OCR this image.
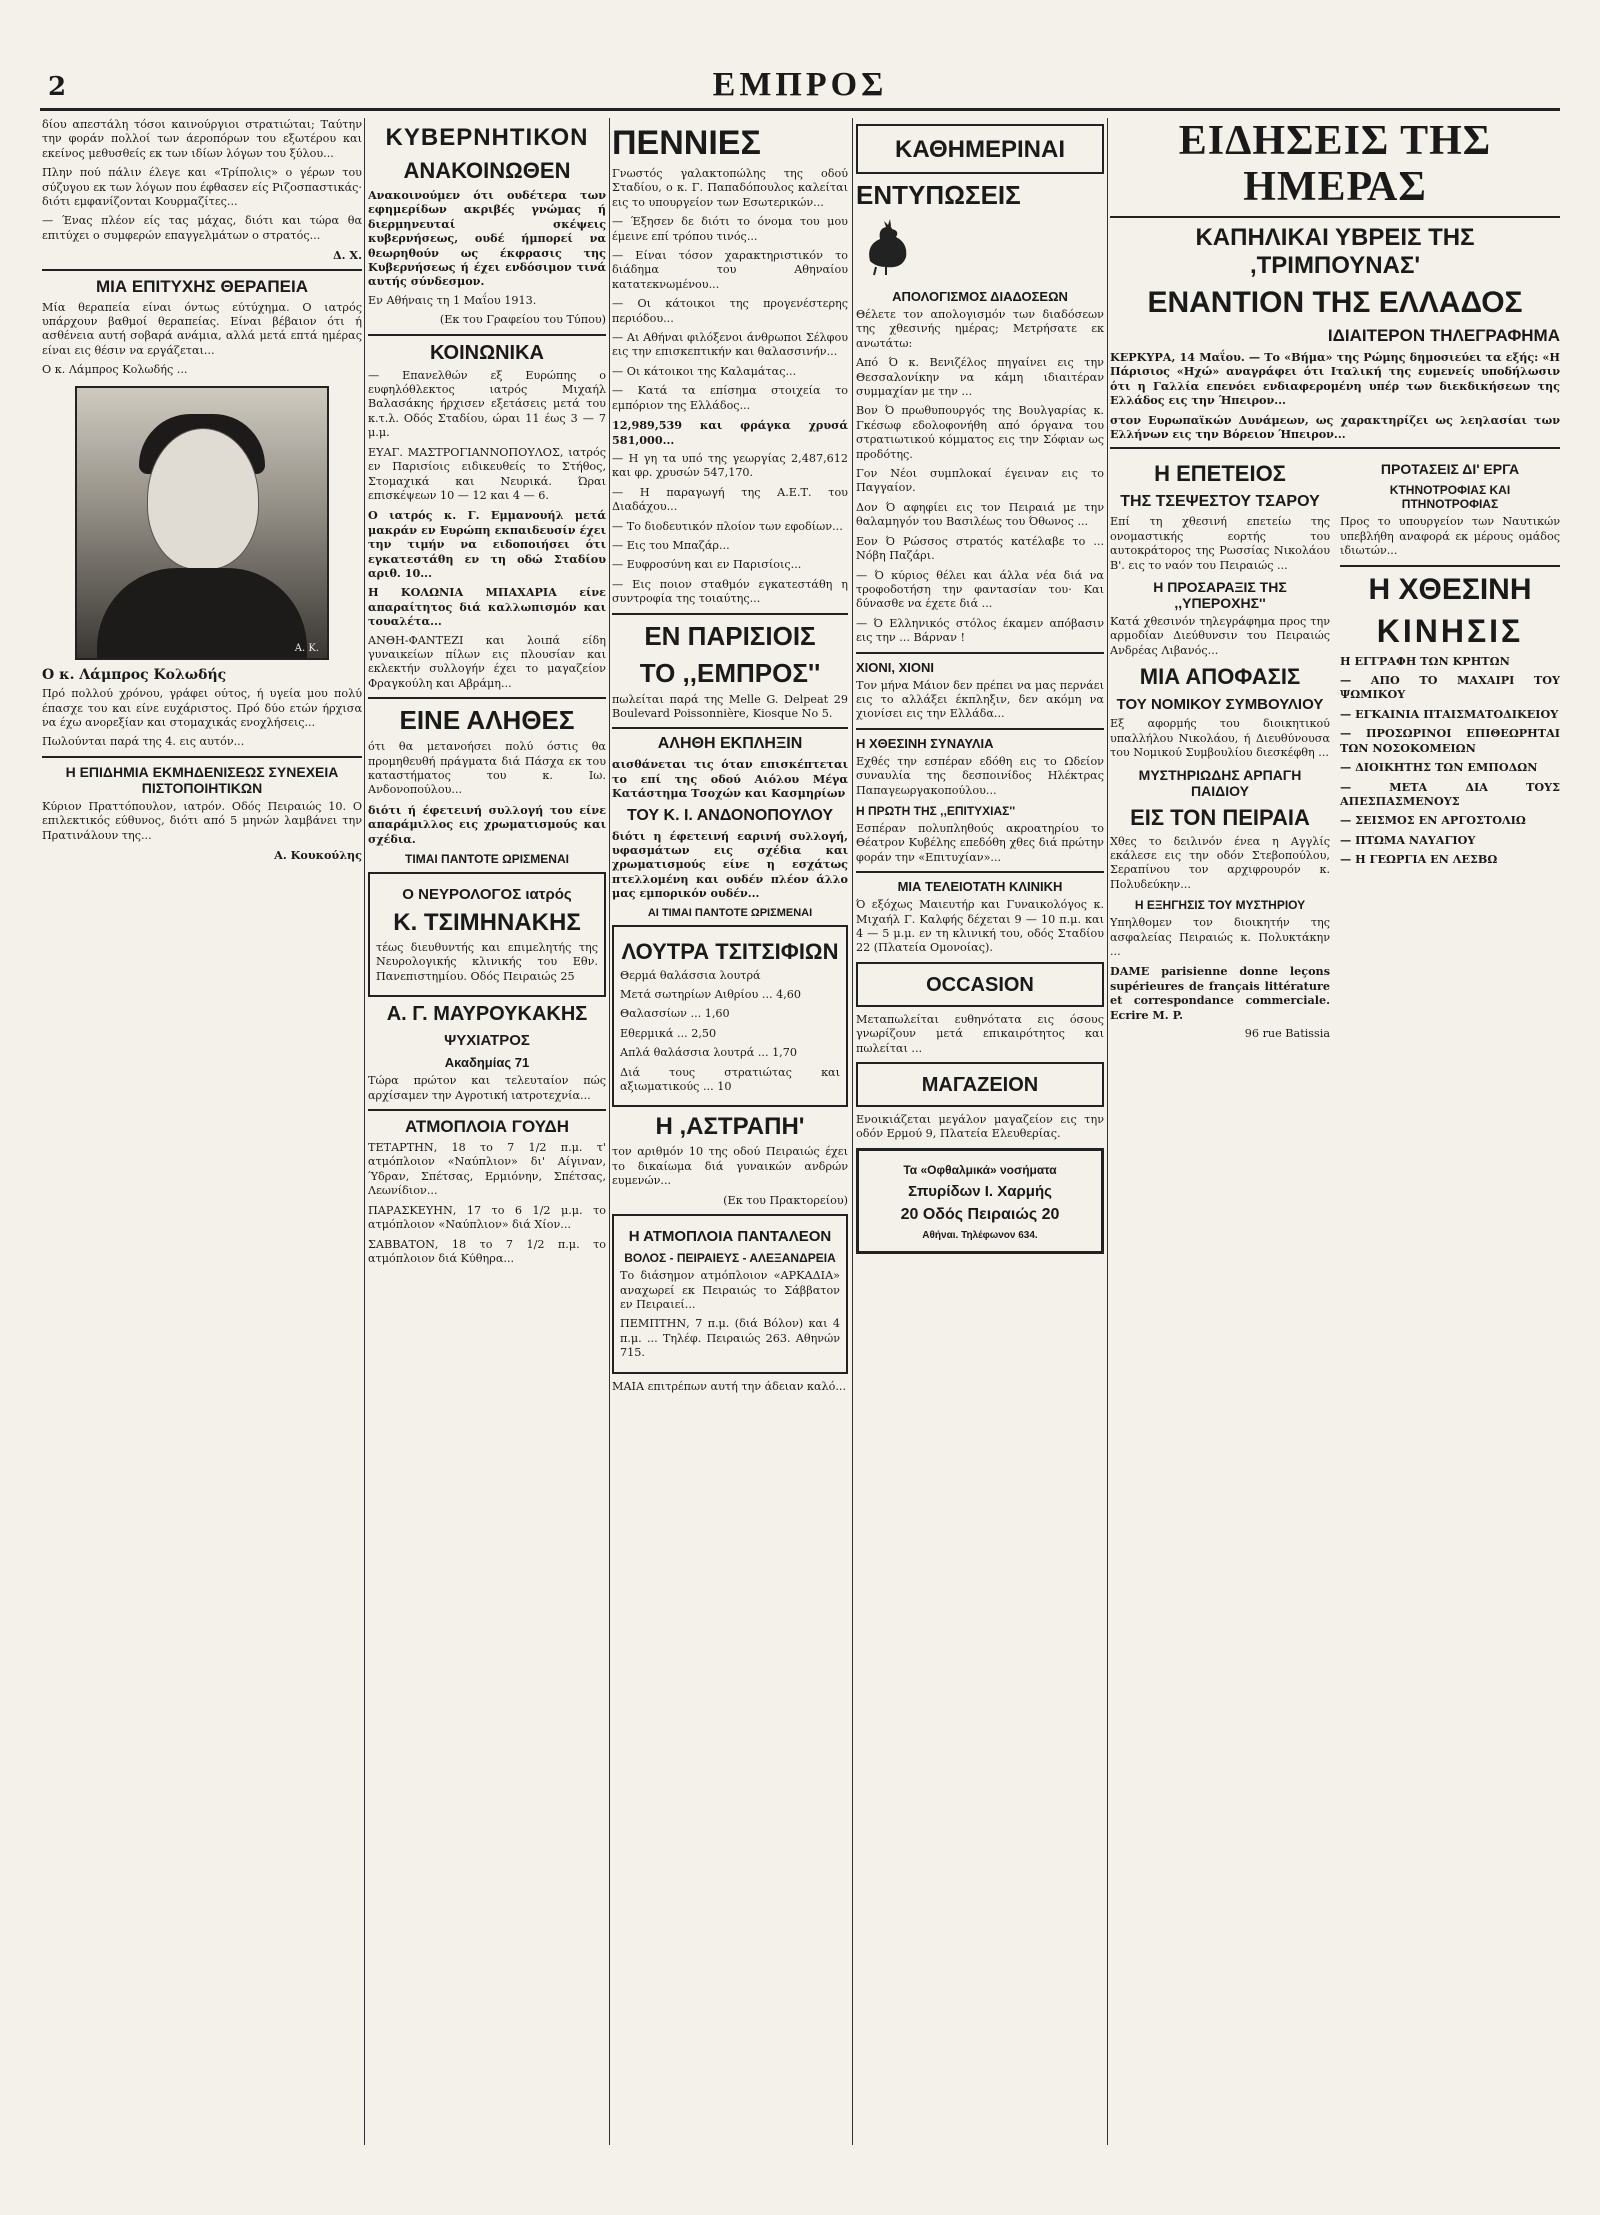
2	ΕΜΠΡΟΣ

δίου απεστάλη τόσοι καινούργιοι στρατιώται; Ταύτην την φοράν πολλοί των άεροπόρων του εξωτέρου και εκείνος μεθυσθείς εκ των ιδίων λόγων του ξύλου...

Πλην πού πάλιν έλεγε και «Τρίπολις» ο γέρων του σύζυγου εκ των λόγων που έφθασεν είς Ριζοσπαστικάς· διότι εμφανίζονται Κουρμαζίτες...

— Ένας πλέον είς τας μάχας, διότι και τώρα θα επιτύχει ο συμφερών επαγγελμάτων ο στρατός...

Δ. Χ.

ΜΙΑ ΕΠΙΤΥΧΗΣ ΘΕΡΑΠΕΙΑ

Μία θεραπεία είναι όντως εύτύχημα. Ο ιατρός υπάρχουν βαθμοί θεραπείας. Είναι βέβαιον ότι ή ασθένεια αυτή σοβαρά ανάμια, αλλά μετά επτά ημέρας είναι εις θέσιν να εργάζεται...

Ο κ. Λάμπρος Κολωδής ...

Α. Κ.

Ο κ. Λάμπρος Κολωδής

Πρό πολλού χρόνου, γράφει ούτος, ή υγεία μου πολύ έπασχε του και είνε ευχάριστος. Πρό δύο ετών ήρχισα να έχω ανορεξίαν και στομαχικάς ενοχλήσεις...

Πωλούνται παρά της 4. εις αυτόν...

Η ΕΠΙΔΗΜΙΑ ΕΚΜΗΔΕΝΙΣΕΩΣ ΣΥΝΕΧΕΙΑ ΠΙΣΤΟΠΟΙΗΤΙΚΩΝ

Κύριον Πραττόπουλον, ιατρόν. Οδός Πειραιώς 10. Ο επιλεκτικός εύθυνος, διότι από 5 μηνών λαμβάνει την Πρατινάλουν της...

Α. Κουκούλης

ΚΥΒΕΡΝΗΤΙΚΟΝ
ΑΝΑΚΟΙΝΩΘΕΝ

Ανακοινούμεν ότι ουδέτερα των εφημερίδων ακριβές γνώμας ή διερμηνευταί σκέψεις κυβερνήσεως, ουδέ ήμπορεί να θεωρηθούν ως έκφρασις της Κυβερνήσεως ή έχει ενδόσιμον τινά αυτής σύνδεσμον.

Εν Αθήναις τη 1 Μαΐου 1913.

(Εκ του Γραφείου του Τύπου)

ΚΟΙΝΩΝΙΚΑ

— Επανελθών εξ Ευρώπης ο ευφηλόθλεκτος ιατρός Μιχαήλ Βαλασάκης ήρχισεν εξετάσεις μετά του κ.τ.λ. Οδός Σταδίου, ώραι 11 έως 3 — 7 μ.μ.

ΕΥΑΓ. ΜΑΣΤΡΟΓΙΑΝΝΟΠΟΥΛΟΣ, ιατρός εν Παρισίοις ειδικευθείς το Στήθος, Στομαχικά και Νευρικά. Ώραι επισκέψεων 10 — 12 και 4 — 6.

Ο ιατρός κ. Γ. Εμμανουήλ μετά μακράν εν Ευρώπη εκπαιδευσίν έχει την τιμήν να ειδοποιήσει ότι εγκατεστάθη εν τη οδώ Σταδίου αριθ. 10...

Η ΚΟΛΩΝΙΑ ΜΠΑΧΑΡΙΑ είνε απαραίτητος διά καλλωπισμόν και τουαλέτα...

ΑΝΘΗ-ΦΑΝΤΕΖΙ και λοιπά είδη γυναικείων πίλων εις πλουσίαν και εκλεκτήν συλλογήν έχει το μαγαζείον Φραγκούλη και Αβράμη...

ΕΙΝΕ ΑΛΗΘΕΣ

ότι θα μετανοήσει πολύ όστις θα προμηθευθή πράγματα διά Πάσχα εκ του καταστήματος του κ. Ιω. Ανδονοπούλου...

διότι ή έφετεινή συλλογή του είνε απαράμιλλος εις χρωματισμούς και σχέδια.

ΤΙΜΑΙ ΠΑΝΤΟΤΕ ΩΡΙΣΜΕΝΑΙ
Ο ΝΕΥΡΟΛΟΓΟΣ ιατρός
Κ. ΤΣΙΜΗΝΑΚΗΣ

τέως διευθυντής και επιμελητής της Νευρολογικής κλινικής του Εθν. Πανεπιστημίου. Οδός Πειραιώς 25

Α. Γ. ΜΑΥΡΟΥΚΑΚΗΣ
ΨΥΧΙΑΤΡΟΣ
Ακαδημίας 71

Τώρα πρώτον και τελευταίον πώς αρχίσαμεν την Αγροτική ιατροτεχνία...

ΑΤΜΟΠΛΟΙΑ ΓΟΥΔΗ

ΤΕΤΑΡΤΗΝ, 18 το 7 1/2 π.μ. τ' ατμόπλοιον «Ναύπλιον» δι' Αίγιναν, Ύδραν, Σπέτσας, Ερμιόνην, Σπέτσας, Λεωνίδιον...

ΠΑΡΑΣΚΕΥΗΝ, 17 το 6 1/2 μ.μ. το ατμόπλοιον «Ναύπλιον» διά Χίον...

ΣΑΒΒΑΤΟΝ, 18 το 7 1/2 π.μ. το ατμόπλοιον διά Κύθηρα...

ΠΕΝΝΙΕΣ

Γνωστός γαλακτοπώλης της οδού Σταδίου, ο κ. Γ. Παπαδόπουλος καλείται εις το υπουργείον των Εσωτερικών...

— Έξησεν δε διότι το όνομα του μου έμεινε επί τρόπου τινός...

— Είναι τόσον χαρακτηριστικόν το διάδημα του Αθηναίου κατατεκνωμένου...

— Οι κάτοικοι της προγενέστερης περιόδου...

— Αι Αθήναι φιλόξενοι άνθρωποι Σέλφου εις την επισκεπτικήν και θαλασσινήν...

— Οι κάτοικοι της Καλαμάτας...

— Κατά τα επίσημα στοιχεία το εμπόριον της Ελλάδος...

12,989,539 και φράγκα χρυσά 581,000...

— Η γη τα υπό της γεωργίας 2,487,612 και φρ. χρυσών 547,170.

— Η παραγωγή της Α.Ε.Τ. του Διαδάχου...

— Το διοδευτικόν πλοίον των εφοδίων...

— Εις του Μπαζάρ...

— Ευφροσύνη και εν Παρισίοις...

— Εις ποιον σταθμόν εγκατεστάθη η συντροφία της τοιαύτης...

ΕΝ ΠΑΡΙΣΙΟΙΣ
ΤΟ ,,ΕΜΠΡΟΣ''

πωλείται παρά της Melle G. Delpeat 29 Boulevard Poissonnière, Kiosque No 5.

ΑΛΗΘΗ ΕΚΠΛΗΞΙΝ

αισθάνεται τις όταν επισκέπτεται το επί της οδού Αιόλου Μέγα Κατάστημα Τσοχών και Κασμηρίων

ΤΟΥ Κ. Ι. ΑΝΔΟΝΟΠΟΥΛΟΥ

διότι η έφετεινή εαρινή συλλογή, υφασμάτων εις σχέδια και χρωματισμούς είνε η εσχάτως πτελλομένη και ουδέν πλέον άλλο μας εμπορικόν ουδέν...

ΑΙ ΤΙΜΑΙ ΠΑΝΤΟΤΕ ΩΡΙΣΜΕΝΑΙ
ΛΟΥΤΡΑ ΤΣΙΤΣΙΦΙΩΝ

Θερμά θαλάσσια λουτρά

Μετά σωτηρίων Αιθρίου ... 4,60

Θαλασσίων ... 1,60

Εθερμικά ... 2,50

Απλά θαλάσσια λουτρά ... 1,70

Διά τους στρατιώτας και αξιωματικούς ... 10

Η ,ΑΣΤΡΑΠΗ'

τον αριθμόν 10 της οδού Πειραιώς έχει το δικαίωμα διά γυναικών ανδρών ευμενών...

(Εκ του Πρακτορείου)

Η ΑΤΜΟΠΛΟΙΑ ΠΑΝΤΑΛΕΟΝ
ΒΟΛΟΣ - ΠΕΙΡΑΙΕΥΣ - ΑΛΕΞΑΝΔΡΕΙΑ

Το διάσημον ατμόπλοιον «ΑΡΚΑΔΙΑ» αναχωρεί εκ Πειραιώς το Σάββατον εν Πειραιεί...

ΠΕΜΠΤΗΝ, 7 π.μ. (διά Βόλον) και 4 π.μ. ... Τηλέφ. Πειραιώς 263. Αθηνών 715.

ΜΑΙΑ επιτρέπων αυτή την άδειαν καλό...

ΚΑΘΗΜΕΡΙΝΑΙ
ΕΝΤΥΠΩΣΕΙΣ
ΑΠΟΛΟΓΙΣΜΟΣ ΔΙΑΔΟΣΕΩΝ

Θέλετε τον απολογισμόν των διαδόσεων της χθεσινής ημέρας; Μετρήσατε εκ ανωτάτω:

Από Ό κ. Βενιζέλος πηγαίνει εις την Θεσσαλονίκην να κάμη ιδιαιτέραν συμμαχίαν με την ...

Βον Ό πρωθυπουργός της Βουλγαρίας κ. Γκέσωφ εδολοφονήθη από όργανα του στρατιωτικού κόμματος εις την Σόφιαν ως προδότης.

Γον Νέοι συμπλοκαί έγειναν εις το Παγγαίον.

Δον Ό αφηφίει εις τον Πειραιά με την θαλαμηγόν του Βασιλέως του Όθωνος ...

Εον Ό Ρώσσος στρατός κατέλαβε το ... Νόβη Παζάρι.

— Ό κύριος θέλει και άλλα νέα διά να τροφοδοτήση την φαντασίαν του· Και δύνασθε να έχετε διά ...

— Ό Ελληνικός στόλος έκαμεν απόβασιν εις την ... Βάρναν !

ΧΙΟΝΙ, ΧΙΟΝΙ

Τον μήνα Μάιον δεν πρέπει να μας περνάει εις το αλλάξει έκπληξιν, δεν ακόμη να χιονίσει εις την Ελλάδα...

Η ΧΘΕΣΙΝΗ ΣΥΝΑΥΛΙΑ

Εχθές την εσπέραν εδόθη εις το Ωδείον συναυλία της δεσποινίδος Ηλέκτρας Παπαγεωργακοπούλου...

Η ΠΡΩΤΗ ΤΗΣ ,,ΕΠΙΤΥΧΙΑΣ''

Εσπέραν πολυπληθούς ακροατηρίου το Θέατρον Κυβέλης επεδόθη χθες διά πρώτην φοράν την «Επιτυχίαν»...

ΜΙΑ ΤΕΛΕΙΟΤΑΤΗ ΚΛΙΝΙΚΗ

Ό εξόχως Μαιευτήρ και Γυναικολόγος κ. Μιχαήλ Γ. Καλφής δέχεται 9 — 10 π.μ. και 4 — 5 μ.μ. εν τη κλινική του, οδός Σταδίου 22 (Πλατεία Ομονοίας).

OCCASION

Μεταπωλείται ευθηνότατα εις όσους γνωρίζουν μετά επικαιρότητος και πωλείται ...

ΜΑΓΑΖΕΙΟΝ

Ενοικιάζεται μεγάλον μαγαζείον εις την οδόν Ερμού 9, Πλατεία Ελευθερίας.

Τα «Οφθαλμικά» νοσήματα
Σπυρίδων Ι. Χαρμής
20 Οδός Πειραιώς 20
Αθήναι. Τηλέφωνον 634.
ΕΙΔΗΣΕΙΣ ΤΗΣ ΗΜΕΡΑΣ
ΚΑΠΗΛΙΚΑΙ ΥΒΡΕΙΣ ΤΗΣ ,ΤΡΙΜΠΟΥΝΑΣ'
ΕΝΑΝΤΙΟΝ ΤΗΣ ΕΛΛΑΔΟΣ
ΙΔΙΑΙΤΕΡΟΝ ΤΗΛΕΓΡΑΦΗΜΑ

ΚΕΡΚΥΡΑ, 14 Μαΐου. — Το «Βήμα» της Ρώμης δημοσιεύει τα εξής: «Η Πάρισιος «Ηχώ» αναγράφει ότι Ιταλική της ευμενείς υποδήλωσιν ότι η Γαλλία επενόει ενδιαφερομένη υπέρ των διεκδικήσεων της Ελλάδος εις την Ήπειρον...

στον Ευρωπαϊκών Δυνάμεων, ως χαρακτηρίζει ως λεηλασίαι των Ελλήνων εις την Βόρειον Ήπειρον...

Η ΕΠΕΤΕΙΟΣ
ΤΗΣ ΤΣΕΨΕΣΤΟΥ ΤΣΑΡΟΥ

Επί τη χθεσινή επετείω της ονομαστικής εορτής του αυτοκράτορος της Ρωσσίας Νικολάου Β'. εις το ναόν του Πειραιώς ...

Η ΠΡΟΣΑΡΑΞΙΣ ΤΗΣ ,,ΥΠΕΡΟΧΗΣ''

Κατά χθεσινόν τηλεγράφημα προς την αρμοδίαν Διεύθυνσιν του Πειραιώς Ανδρέας Λιβανός...

ΜΙΑ ΑΠΟΦΑΣΙΣ
ΤΟΥ ΝΟΜΙΚΟΥ ΣΥΜΒΟΥΛΙΟΥ

Εξ αφορμής του διοικητικού υπαλλήλου Νικολάου, ή Διευθύνουσα του Νομικού Συμβουλίου διεσκέφθη ...

ΜΥΣΤΗΡΙΩΔΗΣ ΑΡΠΑΓΗ ΠΑΙΔΙΟΥ
ΕΙΣ ΤΟΝ ΠΕΙΡΑΙΑ

Χθες το δειλινόν ένεα η Αγγλίς εκάλεσε εις την οδόν Στεβοπούλου, Σεραπίνου τον αρχιφρουρόν κ. Πολυδεύκην...

Η ΕΞΗΓΗΣΙΣ ΤΟΥ ΜΥΣΤΗΡΙΟΥ

Υπηλθομεν τον διοικητήν της ασφαλείας Πειραιώς κ. Πολυκτάκην ...

DAME parisienne donne leçons supérieures de français littérature et correspondance commerciale. Ecrire M. P.

96 rue Batissia

ΠΡΟΤΑΣΕΙΣ ΔΙ' ΕΡΓΑ
ΚΤΗΝΟΤΡΟΦΙΑΣ ΚΑΙ ΠΤΗΝΟΤΡΟΦΙΑΣ

Προς το υπουργείον των Ναυτικών υπεβλήθη αναφορά εκ μέρους ομάδος ιδιωτών...

Η ΧΘΕΣΙΝΗ
ΚΙΝΗΣΙΣ

Η ΕΓΓΡΑΦΗ ΤΩΝ ΚΡΗΤΩΝ

— ΑΠΟ ΤΟ ΜΑΧΑΙΡΙ ΤΟΥ ΨΩΜΙΚΟΥ

— ΕΓΚΑΙΝΙΑ ΠΤΑΙΣΜΑΤΟΔΙΚΕΙΟΥ

— ΠΡΟΣΩΡΙΝΟΙ ΕΠΙΘΕΩΡΗΤΑΙ ΤΩΝ ΝΟΣΟΚΟΜΕΙΩΝ

— ΔΙΟΙΚΗΤΗΣ ΤΩΝ ΕΜΠΟΔΩΝ

— ΜΕΤΑ ΔΙΑ ΤΟΥΣ ΑΠΕΣΠΑΣΜΕΝΟΥΣ

— ΣΕΙΣΜΟΣ ΕΝ ΑΡΓΟΣΤΟΛΙΩ

— ΠΤΩΜΑ ΝΑΥΑΓΙΟΥ

— Η ΓΕΩΡΓΙΑ ΕΝ ΛΕΣΒΩ
